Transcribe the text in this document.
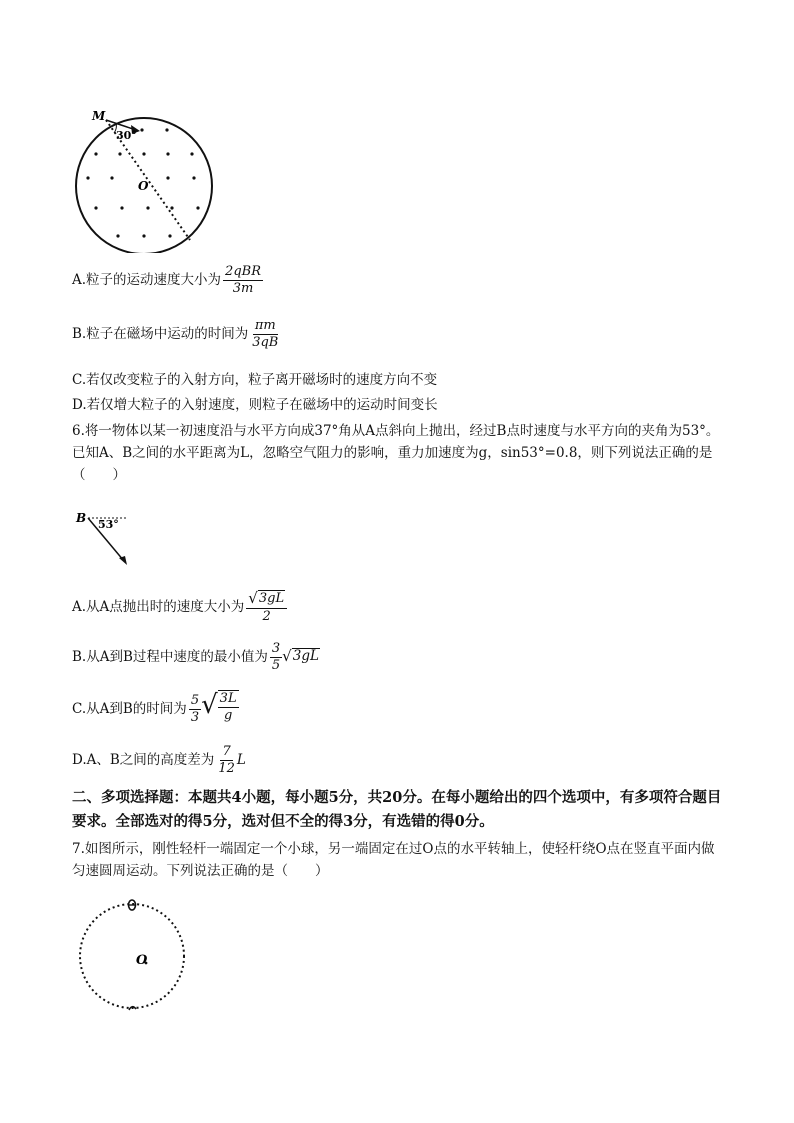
M
30°
O
A.粒子的运动速度大小为 $\frac{\text{2qBR}}{3m}$
B.粒子在磁场中运动的时间为 $\frac{\pi m}{3qB}$
C.若仅改变粒子的入射方向，粒子离开磁场时的速度方向不变
D.若仅增大粒子的入射速度，则粒子在磁场中的运动时间变长
6.将一物体以某一初速度沿与水平方向成37°角从A点斜向上抛出，经过B点时速度与水平方向的夹角为53°。已知A、B之间的水平距离为L，忽略空气阻力的影响，重力加速度为g，sin53°=0.8，则下列说法正确的是（　　）
B 53°
A.从A点抛出时的速度大小为 $\frac{√ 3gL}{2}$
B.从A到B过程中速度的最小值为 $\frac{3}{5}$ √ 3gL
C.从A到B的时间为 $\frac{5}{3}$ √ $\frac{3L}{g}$
D.A、B之间的高度差为 $\frac{7}{12}$ L
二、多项选择题：本题共4小题，每小题5分，共20分。在每小题给出的四个选项中，有多项符合题目要求。全部选对的得5分，选对但不全的得3分，有选错的得0分。
7.如图所示，刚性轻杆一端固定一个小球，另一端固定在过O点的水平转轴上，使轻杆绕O点在竖直平面内做匀速圆周运动。下列说法正确的是（　　）
O
